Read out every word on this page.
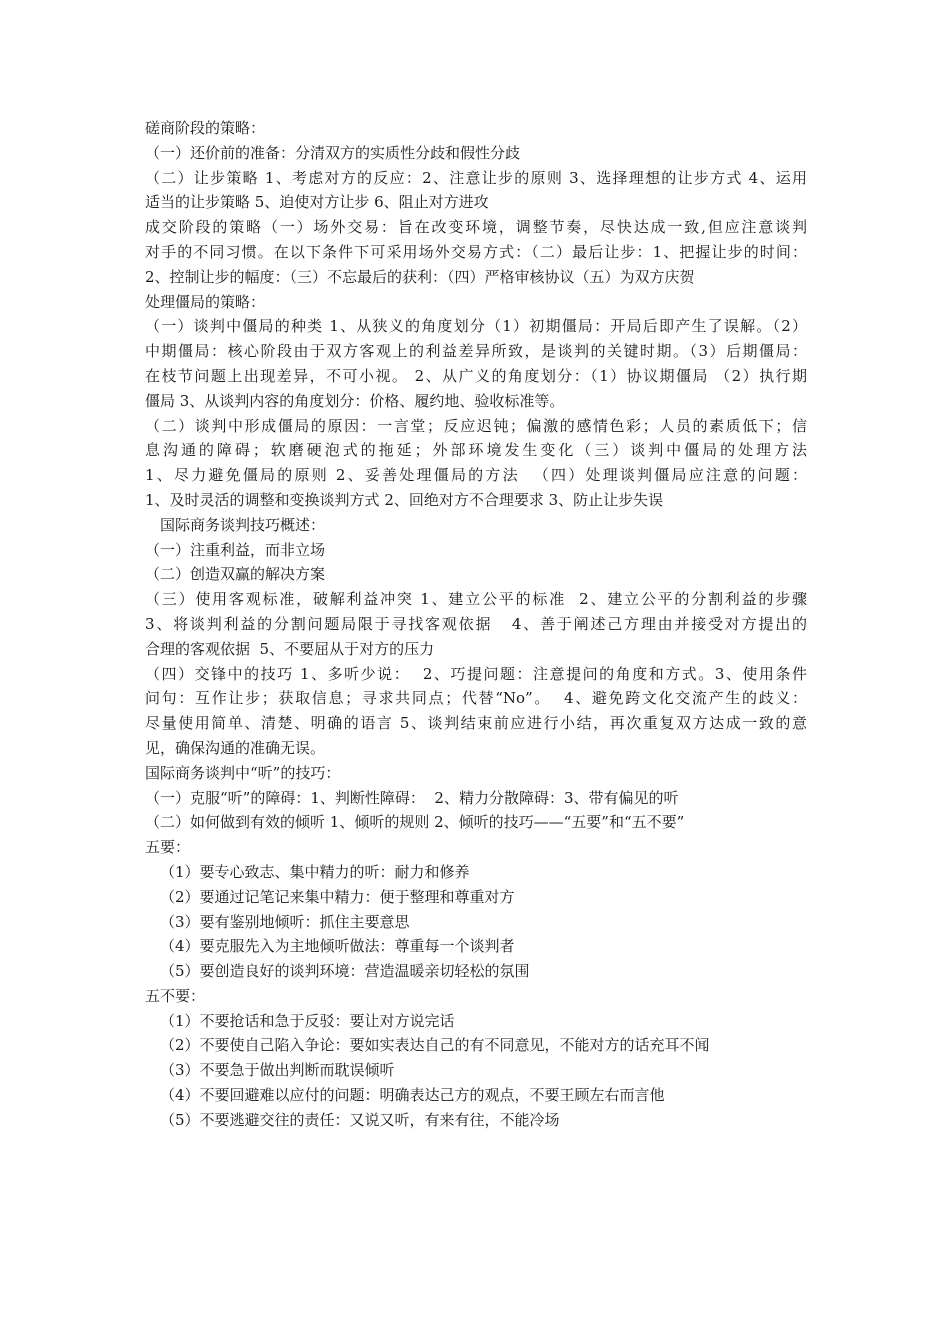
磋商阶段的策略：
（一）还价前的准备：分清双方的实质性分歧和假性分歧
（二）让步策略 1、考虑对方的反应：2、注意让步的原则 3、选择理想的让步方式 4、运用
适当的让步策略 5、迫使对方让步 6、阻止对方进攻
成交阶段的策略（一）场外交易：旨在改变环境，调整节奏，尽快达成一致,但应注意谈判
对手的不同习惯。在以下条件下可采用场外交易方式：（二）最后让步：1、把握让步的时间：
2、控制让步的幅度：（三）不忘最后的获利：（四）严格审核协议（五）为双方庆贺
处理僵局的策略：
（一）谈判中僵局的种类 1、从狭义的角度划分（1）初期僵局：开局后即产生了误解。（2）
中期僵局：核心阶段由于双方客观上的利益差异所致，是谈判的关键时期。（3）后期僵局：
在枝节问题上出现差异，不可小视。 2、从广义的角度划分：（1）协议期僵局 （2）执行期
僵局 3、从谈判内容的角度划分：价格、履约地、验收标准等。
（二）谈判中形成僵局的原因：一言堂；反应迟钝；偏激的感情色彩；人员的素质低下；信
息沟通的障碍；软磨硬泡式的拖延；外部环境发生变化（三）谈判中僵局的处理方法
1、尽力避免僵局的原则 2、妥善处理僵局的方法  （四）处理谈判僵局应注意的问题：
1、及时灵活的调整和变换谈判方式 2、回绝对方不合理要求 3、防止让步失误
国际商务谈判技巧概述：
（一）注重利益，而非立场
（二）创造双赢的解决方案
（三）使用客观标准，破解利益冲突 1、建立公平的标准  2、建立公平的分割利益的步骤
3、将谈判利益的分割问题局限于寻找客观依据   4、善于阐述己方理由并接受对方提出的
合理的客观依据  5、不要屈从于对方的压力
（四）交锋中的技巧 1、多听少说：  2、巧提问题：注意提问的角度和方式。3、使用条件
问句：互作让步；获取信息；寻求共同点；代替“No”。  4、避免跨文化交流产生的歧义：
尽量使用简单、清楚、明确的语言 5、谈判结束前应进行小结，再次重复双方达成一致的意
见，确保沟通的准确无误。
国际商务谈判中“听”的技巧：
（一）克服“听”的障碍：1、判断性障碍：  2、精力分散障碍：3、带有偏见的听
（二）如何做到有效的倾听 1、倾听的规则 2、倾听的技巧——“五要”和“五不要”
五要：
（1）要专心致志、集中精力的听：耐力和修养
（2）要通过记笔记来集中精力：便于整理和尊重对方
（3）要有鉴别地倾听：抓住主要意思
（4）要克服先入为主地倾听做法：尊重每一个谈判者
（5）要创造良好的谈判环境：营造温暖亲切轻松的氛围
五不要：
（1）不要抢话和急于反驳：要让对方说完话
（2）不要使自己陷入争论：要如实表达自己的有不同意见，不能对方的话充耳不闻
（3）不要急于做出判断而耽误倾听
（4）不要回避难以应付的问题：明确表达己方的观点，不要王顾左右而言他
（5）不要逃避交往的责任：又说又听，有来有往，不能冷场
